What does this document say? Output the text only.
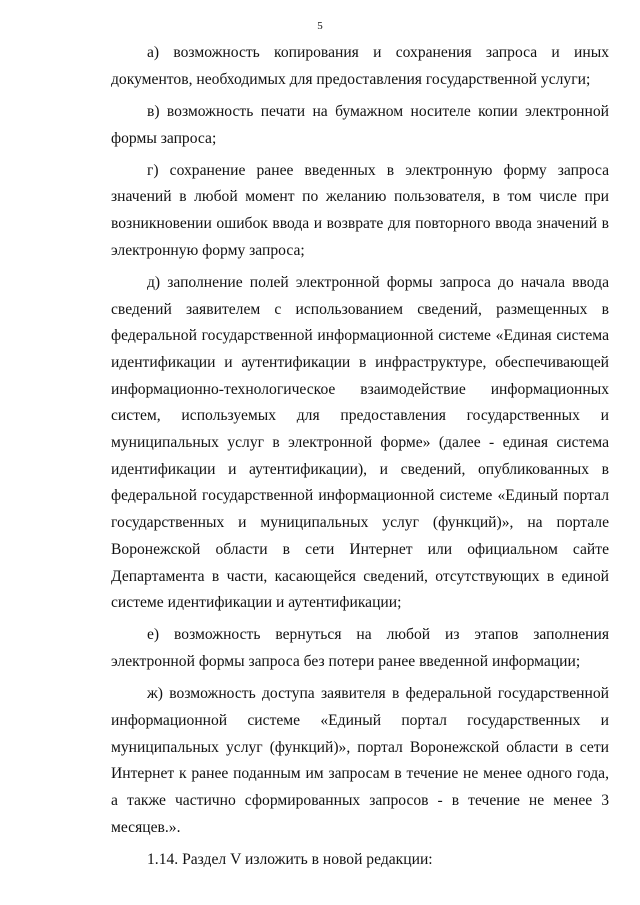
5

а) возможность копирования и сохранения запроса и иных документов, необходимых для предоставления государственной услуги;

в) возможность печати на бумажном носителе копии электронной формы запроса;

г) сохранение ранее введенных в электронную форму запроса значений в любой момент по желанию пользователя, в том числе при возникновении ошибок ввода и возврате для повторного ввода значений в электронную форму запроса;

д) заполнение полей электронной формы запроса до начала ввода сведений заявителем с использованием сведений, размещенных в федеральной государственной информационной системе «Единая система идентификации и аутентификации в инфраструктуре, обеспечивающей информационно-технологическое взаимодействие информационных систем, используемых для предоставления государственных и муниципальных услуг в электронной форме» (далее - единая система идентификации и аутентификации), и сведений, опубликованных в федеральной государственной информационной системе «Единый портал государственных и муниципальных услуг (функций)», на портале Воронежской области в сети Интернет или официальном сайте Департамента в части, касающейся сведений, отсутствующих в единой системе идентификации и аутентификации;

е) возможность вернуться на любой из этапов заполнения электронной формы запроса без потери ранее введенной информации;

ж) возможность доступа заявителя в федеральной государственной информационной системе «Единый портал государственных и муниципальных услуг (функций)», портал Воронежской области в сети Интернет к ранее поданным им запросам в течение не менее одного года, а также частично сформированных запросов - в течение не менее 3 месяцев.».

1.14. Раздел V изложить в новой редакции:
